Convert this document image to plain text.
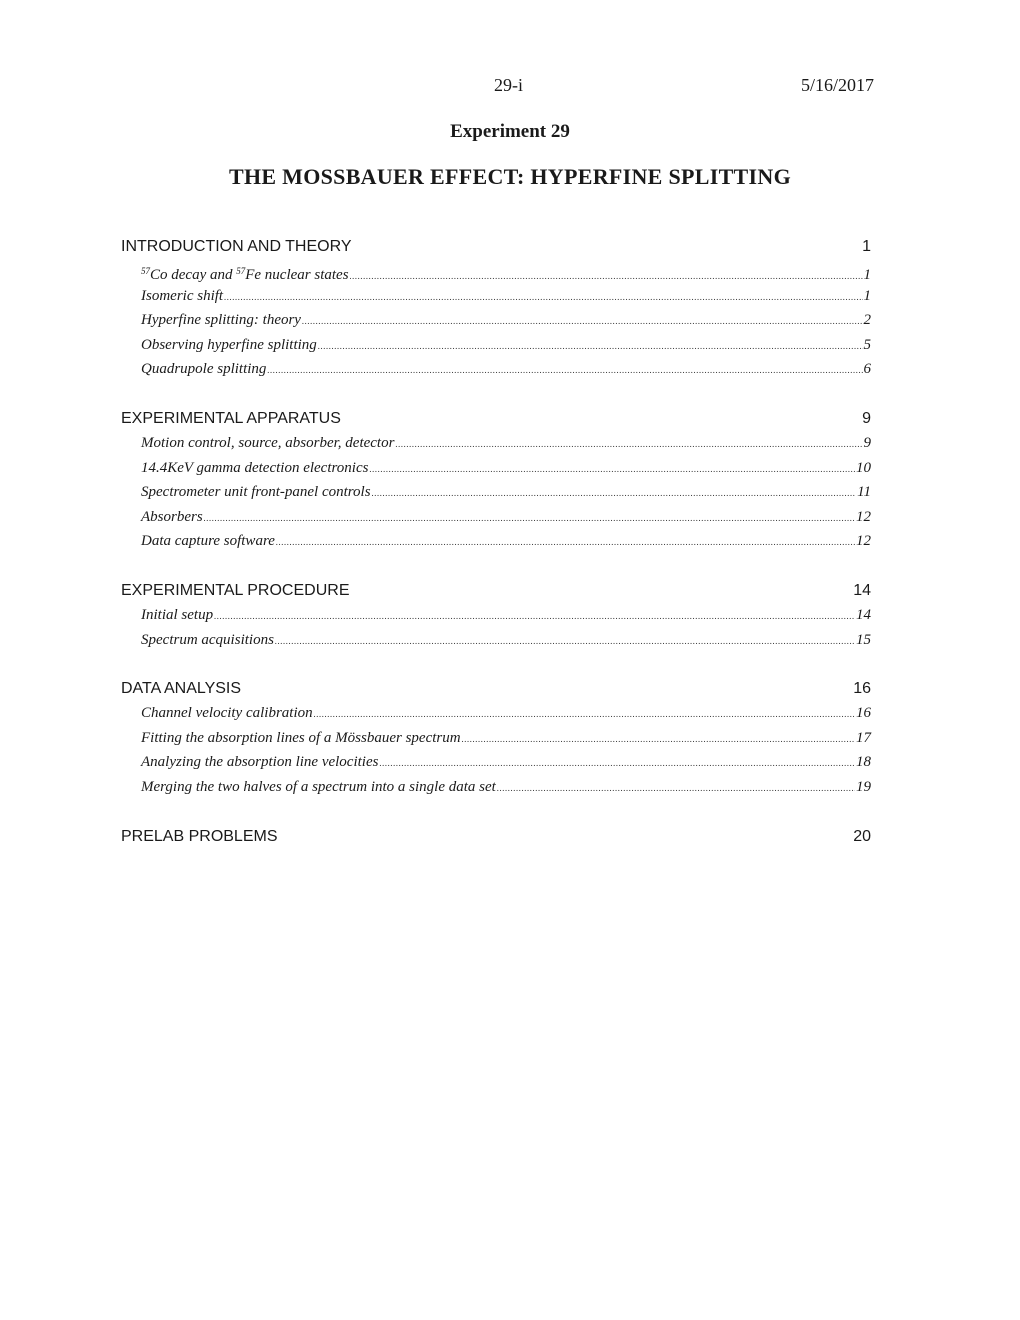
29-i	5/16/2017
Experiment 29
THE MOSSBAUER EFFECT: HYPERFINE SPLITTING
INTRODUCTION AND THEORY	1
$^{57}$Co decay and $^{57}$Fe nuclear states .....	1
Isomeric shift .....	1
Hyperfine splitting: theory .....	2
Observing hyperfine splitting .....	5
Quadrupole splitting .....	6
EXPERIMENTAL APPARATUS	9
Motion control, source, absorber, detector .....	9
14.4KeV gamma detection electronics .....	10
Spectrometer unit front-panel controls .....	11
Absorbers .....	12
Data capture software .....	12
EXPERIMENTAL PROCEDURE	14
Initial setup .....	14
Spectrum acquisitions .....	15
DATA ANALYSIS	16
Channel velocity calibration .....	16
Fitting the absorption lines of a Mössbauer spectrum .....	17
Analyzing the absorption line velocities .....	18
Merging the two halves of a spectrum into a single data set .....	19
PRELAB PROBLEMS	20
